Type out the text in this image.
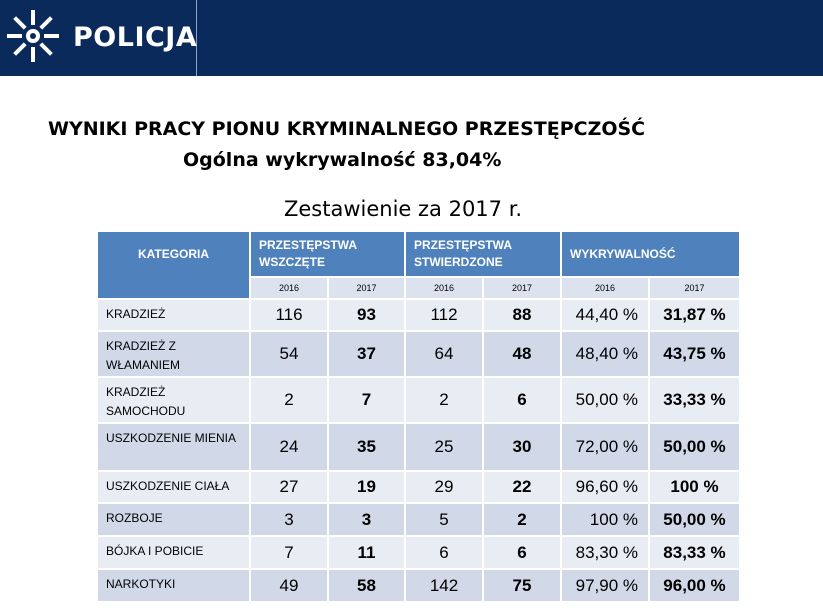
POLICJA
WYNIKI PRACY PIONU KRYMINALNEGO PRZESTĘPCZOŚĆ
Ogólna wykrywalność 83,04%
Zestawienie za 2017 r.
KATEGORIA	PRZESTĘPSTWA WSZCZĘTE		PRZESTĘPSTWA STWIERDZONE		WYKRYWALNOŚĆ	
	2016	2017	2016	2017	2016	2017
KRADZIEŻ	116	93	112	88	44,40 %	31,87 %
KRADZIEŻ Z WŁAMANIEM	54	37	64	48	48,40 %	43,75 %
KRADZIEŻ SAMOCHODU	2	7	2	6	50,00 %	33,33 %
USZKODZENIE MIENIA	24	35	25	30	72,00 %	50,00 %
USZKODZENIE CIAŁA	27	19	29	22	96,60 %	100 %
ROZBOJE	3	3	5	2	100 %	50,00 %
BÓJKA I POBICIE	7	11	6	6	83,30 %	83,33 %
NARKOTYKI	49	58	142	75	97,90 %	96,00 %
